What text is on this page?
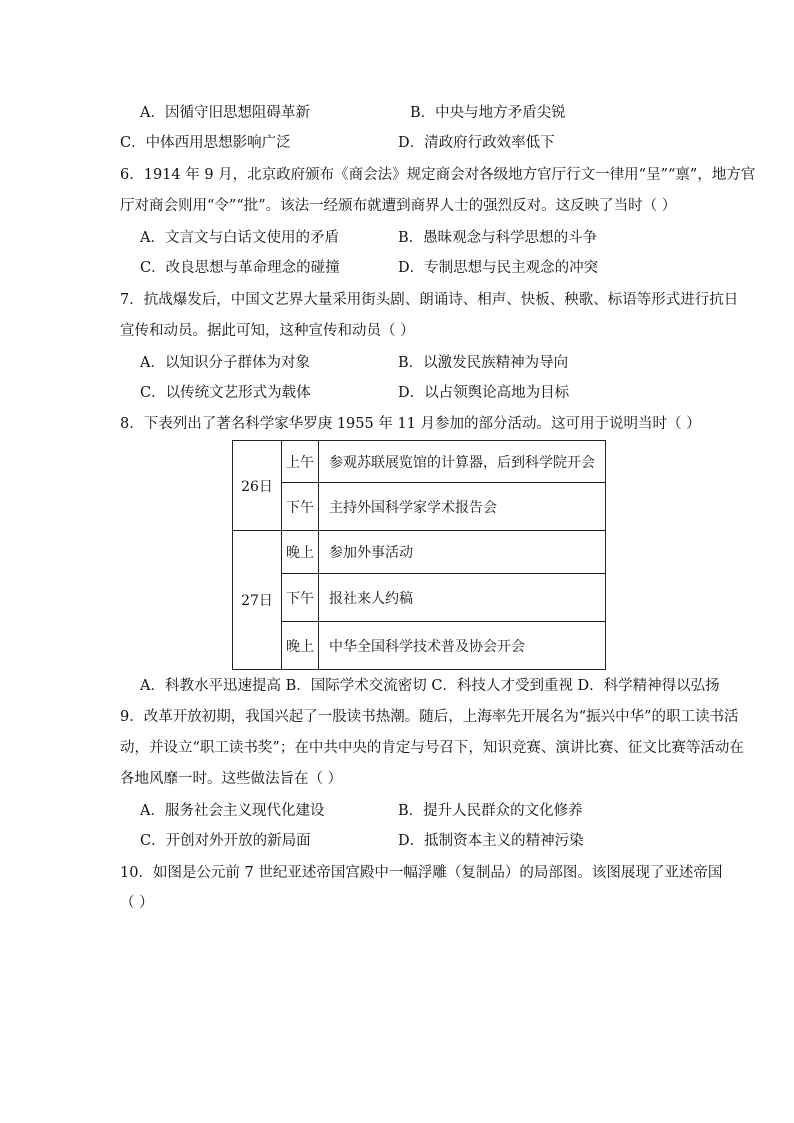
A．因循守旧思想阻碍革新	B．中央与地方矛盾尖锐
C．中体西用思想影响广泛	D．清政府行政效率低下
6．1914 年 9 月，北京政府颁布《商会法》规定商会对各级地方官厅行文一律用“呈”“禀”，地方官
厅对商会则用“令”“批”。该法一经颁布就遭到商界人士的强烈反对。这反映了当时（ ）
A．文言文与白话文使用的矛盾	B．愚昧观念与科学思想的斗争
C．改良思想与革命理念的碰撞	D．专制思想与民主观念的冲突
7．抗战爆发后，中国文艺界大量采用街头剧、朗诵诗、相声、快板、秧歌、标语等形式进行抗日
宣传和动员。据此可知，这种宣传和动员（ ）
A．以知识分子群体为对象	B．以激发民族精神为导向
C．以传统文艺形式为载体	D．以占领舆论高地为目标
8．下表列出了著名科学家华罗庚 1955 年 11 月参加的部分活动。这可用于说明当时（ ）
26日	上午	参观苏联展览馆的计算器，后到科学院开会
	下午	主持外国科学家学术报告会
27日	晚上	参加外事活动
	下午	报社来人约稿
	晚上	中华全国科学技术普及协会开会
A．科教水平迅速提高 B．国际学术交流密切 C．科技人才受到重视 D．科学精神得以弘扬
9．改革开放初期，我国兴起了一股读书热潮。随后，上海率先开展名为“振兴中华”的职工读书活
动，并设立“职工读书奖”；在中共中央的肯定与号召下，知识竞赛、演讲比赛、征文比赛等活动在
各地风靡一时。这些做法旨在（ ）
A．服务社会主义现代化建设	B．提升人民群众的文化修养
C．开创对外开放的新局面	D．抵制资本主义的精神污染
10．如图是公元前 7 世纪亚述帝国宫殿中一幅浮雕（复制品）的局部图。该图展现了亚述帝国
（ ）
